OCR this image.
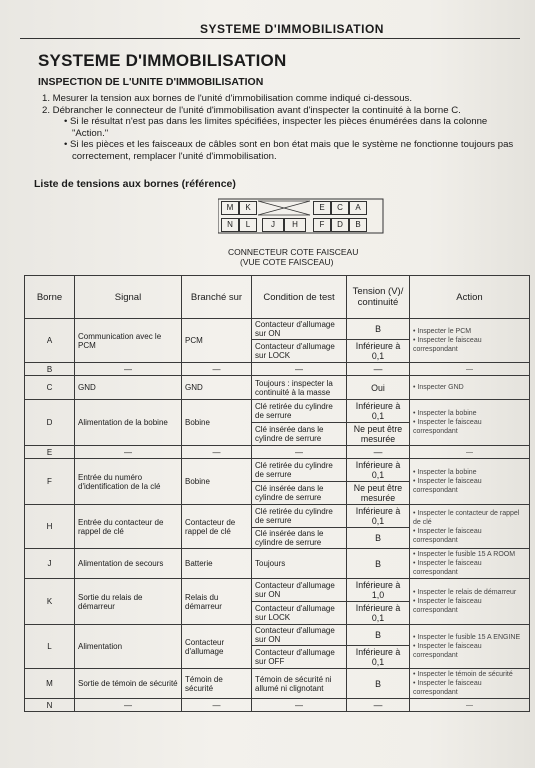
SYSTEME D'IMMOBILISATION
SYSTEME D'IMMOBILISATION
INSPECTION DE L'UNITE D'IMMOBILISATION
1. Mesurer la tension aux bornes de l'unité d'immobilisation comme indiqué ci-dessous.
2. Débrancher le connecteur de l'unité d'immobilisation avant d'inspecter la continuité à la borne C.
• Si le résultat n'est pas dans les limites spécifiées, inspecter les pièces énumérées dans la colonne
"Action."
• Si les pièces et les faisceaux de câbles sont en bon état mais que le système ne fonctionne toujours pas
correctement, remplacer l'unité d'immobilisation.
Liste de tensions aux bornes (référence)
M	K	E	C	A
N	L	J	H	F	D	B
CONNECTEUR COTE FAISCEAU
(VUE COTE FAISCEAU)
Borne	Signal	Branché sur	Condition de test	Tension (V)/ continuité	Action
A	Communication avec le PCM	PCM	Contacteur d'allumage sur ON	B	• Inspecter le PCM
• Inspecter le faisceau correspondant

			Contacteur d'allumage sur LOCK	Inférieure à 0,1	
B	—	—	—	—	—

C	GND	GND	Toujours : inspecter la continuité à la masse	Oui	• Inspecter GND

D	Alimentation de la bobine	Bobine	Clé retirée du cylindre de serrure	Inférieure à 0,1	• Inspecter la bobine
• Inspecter le faisceau correspondant

			Clé insérée dans le cylindre de serrure	Ne peut être mesurée	
E	—	—	—	—	—

F	Entrée du numéro d'identification de la clé	Bobine	Clé retirée du cylindre de serrure	Inférieure à 0,1	• Inspecter la bobine
• Inspecter le faisceau correspondant

			Clé insérée dans le cylindre de serrure	Ne peut être mesurée	
H	Entrée du contacteur de rappel de clé	Contacteur de rappel de clé	Clé retirée du cylindre de serrure	Inférieure à 0,1	• Inspecter le contacteur de rappel de clé
• Inspecter le faisceau correspondant

			Clé insérée dans le cylindre de serrure	B	
J	Alimentation de secours	Batterie	Toujours	B	• Inspecter le fusible 15 A ROOM
• Inspecter le faisceau correspondant

K	Sortie du relais de démarreur	Relais du démarreur	Contacteur d'allumage sur ON	Inférieure à 1,0	• Inspecter le relais de démarreur
• Inspecter le faisceau correspondant

			Contacteur d'allumage sur LOCK	Inférieure à 0,1	
L	Alimentation	Contacteur d'allumage	Contacteur d'allumage sur ON	B	• Inspecter le fusible 15 A ENGINE
• Inspecter le faisceau correspondant

			Contacteur d'allumage sur OFF	Inférieure à 0,1	
M	Sortie de témoin de sécurité	Témoin de sécurité	Témoin de sécurité ni allumé ni clignotant	B	• Inspecter le témoin de sécurité
• Inspecter le faisceau correspondant

N	—	—	—	—	—
